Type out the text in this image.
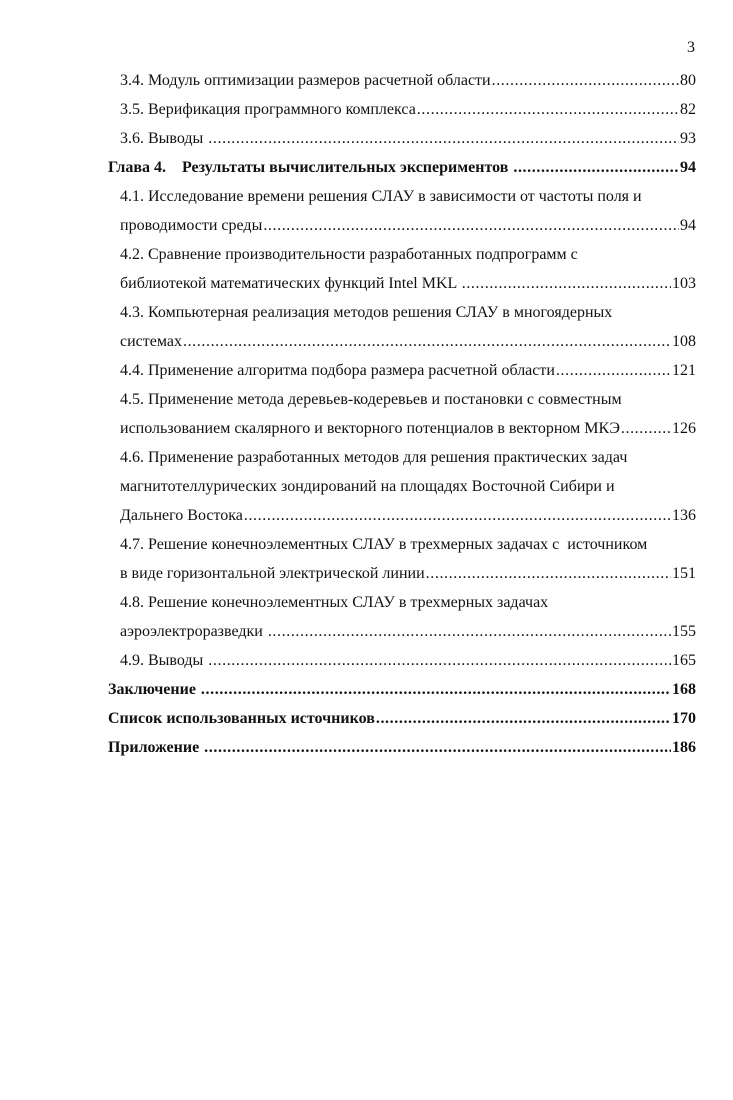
3
3.4. Модуль оптимизации размеров расчетной области .....	80
3.5. Верификация программного комплекса .....	82
3.6. Выводы .....	93
Глава 4.    Результаты вычислительных экспериментов .....	94
4.1. Исследование времени решения СЛАУ в зависимости от частоты поля и
проводимости среды .....	94
4.2. Сравнение производительности разработанных подпрограмм с
библиотекой математических функций Intel MKL .....	103
4.3. Компьютерная реализация методов решения СЛАУ в многоядерных
системах .....	108
4.4. Применение алгоритма подбора размера расчетной области .....	121
4.5. Применение метода деревьев-кодеревьев и постановки с совместным
использованием скалярного и векторного потенциалов в векторном МКЭ .....	126
4.6. Применение разработанных методов для решения практических задач
магнитотеллурических зондирований на площадях Восточной Сибири и
Дальнего Востока .....	136
4.7. Решение конечноэлементных СЛАУ в трехмерных задачах с  источником
в виде горизонтальной электрической линии .....	151
4.8. Решение конечноэлементных СЛАУ в трехмерных задачах
аэроэлектроразведки .....	155
4.9. Выводы .....	165
Заключение .....	168
Список использованных источников .....	170
Приложение .....	186
